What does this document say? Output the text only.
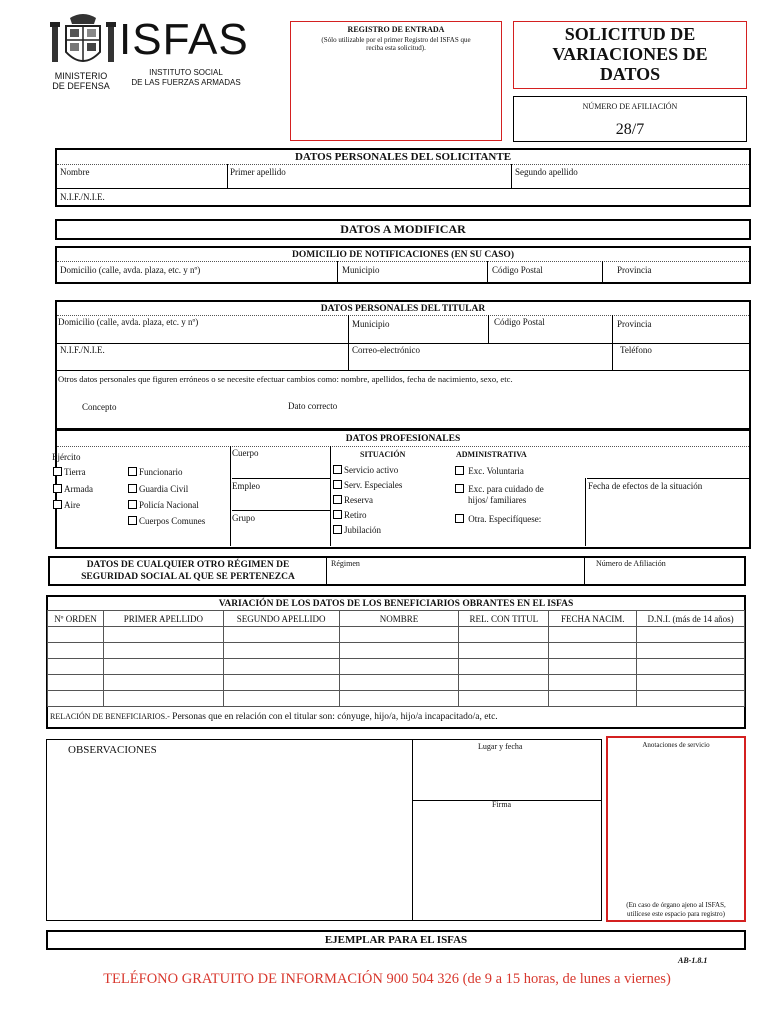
ISFAS
MINISTERIO
DE DEFENSA
INSTITUTO SOCIAL
DE LAS FUERZAS ARMADAS
REGISTRO DE ENTRADA
(Sólo utilizable por el primer Registro del ISFAS que
reciba esta solicitud).
SOLICITUD DE
VARIACIONES DE
DATOS
NÚMERO DE AFILIACIÓN
28/7
DATOS PERSONALES DEL SOLICITANTE
Nombre	Primer apellido	Segundo apellido
N.I.F./N.I.E.
DATOS A MODIFICAR
DOMICILIO DE NOTIFICACIONES (EN SU CASO)
Domicilio (calle, avda. plaza, etc. y nº)	Municipio	Código Postal	Provincia
DATOS PERSONALES DEL TITULAR
Domicilio (calle, avda. plaza, etc. y nº)	Municipio	Código Postal	Provincia
N.I.F./N.I.E.	Correo-electrónico	Teléfono
Otros datos personales que figuren erróneos o se necesite efectuar cambios como: nombre, apellidos, fecha de nacimiento, sexo, etc.
Concepto	Dato correcto
DATOS PROFESIONALES
Ejército
Tierra
Armada
Aire
Funcionario
Guardia Civil
Policía Nacional
Cuerpos Comunes
Cuerpo
Empleo
Grupo
SITUACIÓN
Servicio activo
Serv. Especiales
Reserva
Retiro
Jubilación
ADMINISTRATIVA
Exc. Voluntaria
Exc. para cuidado de
hijos/ familiares
Otra. Especifíquese:
Fecha de efectos de la situación
DATOS DE CUALQUIER OTRO RÉGIMEN DE
SEGURIDAD SOCIAL AL QUE SE PERTENEZCA
Régimen	Número de Afiliación
VARIACIÓN DE LOS DATOS DE LOS BENEFICIARIOS OBRANTES EN EL ISFAS
Nº ORDEN	PRIMER APELLIDO	SEGUNDO APELLIDO	NOMBRE	REL. CON TITUL	FECHA NACIM.	D.N.I. (más de 14 años)

RELACIÓN DE BENEFICIARIOS.- Personas que en relación con el titular son: cónyuge, hijo/a, hijo/a incapacitado/a, etc.
OBSERVACIONES	Lugar y fecha
Firma
Anotaciones de servicio
(En caso de órgano ajeno al ISFAS,
utilícese este espacio para registro)
EJEMPLAR PARA EL ISFAS
AB-1.8.1
TELÉFONO GRATUITO DE INFORMACIÓN 900 504 326 (de 9 a 15 horas, de lunes a viernes)
